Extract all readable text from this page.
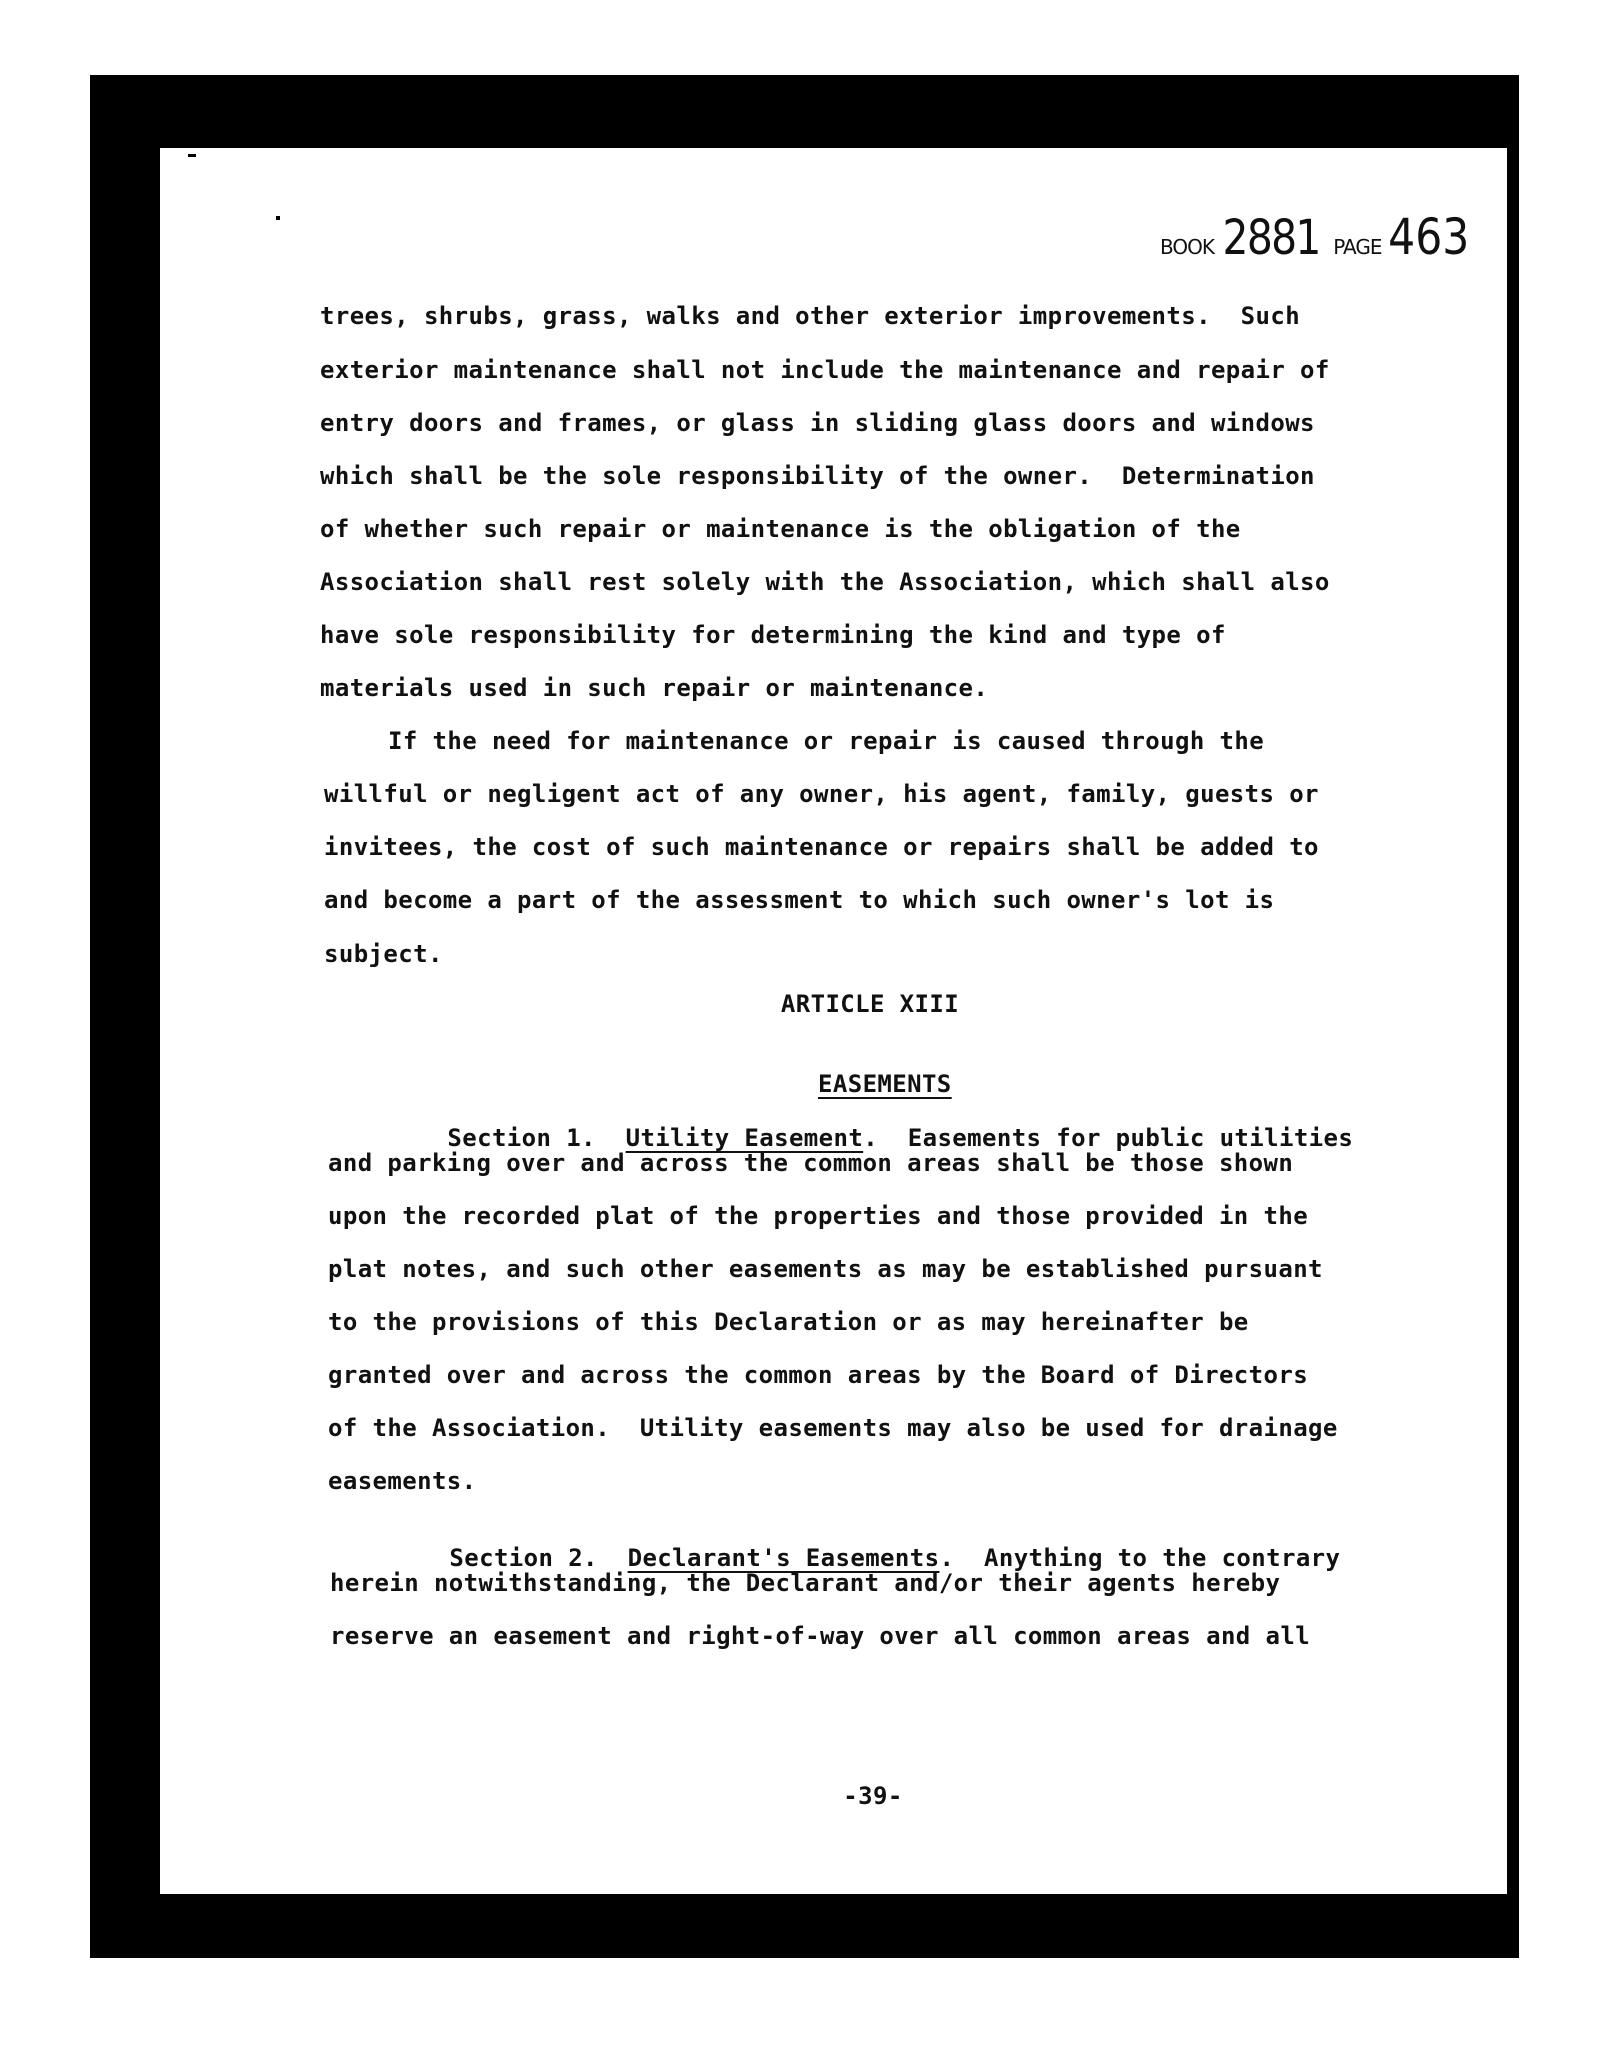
BOOK 2881 PAGE 463
trees, shrubs, grass, walks and other exterior improvements.  Such
exterior maintenance shall not include the maintenance and repair of
entry doors and frames, or glass in sliding glass doors and windows
which shall be the sole responsibility of the owner.  Determination
of whether such repair or maintenance is the obligation of the
Association shall rest solely with the Association, which shall also
have sole responsibility for determining the kind and type of
materials used in such repair or maintenance.
If the need for maintenance or repair is caused through the
willful or negligent act of any owner, his agent, family, guests or
invitees, the cost of such maintenance or repairs shall be added to
and become a part of the assessment to which such owner's lot is
subject.
ARTICLE XIII

EASEMENTS

Section 1. Utility Easement.  Easements for public utilities

and parking over and across the common areas shall be those shown
upon the recorded plat of the properties and those provided in the
plat notes, and such other easements as may be established pursuant
to the provisions of this Declaration or as may hereinafter be
granted over and across the common areas by the Board of Directors
of the Association.  Utility easements may also be used for drainage
easements.

Section 2. Declarant's Easements.  Anything to the contrary

herein notwithstanding, the Declarant and/or their agents hereby
reserve an easement and right-of-way over all common areas and all
-39-
